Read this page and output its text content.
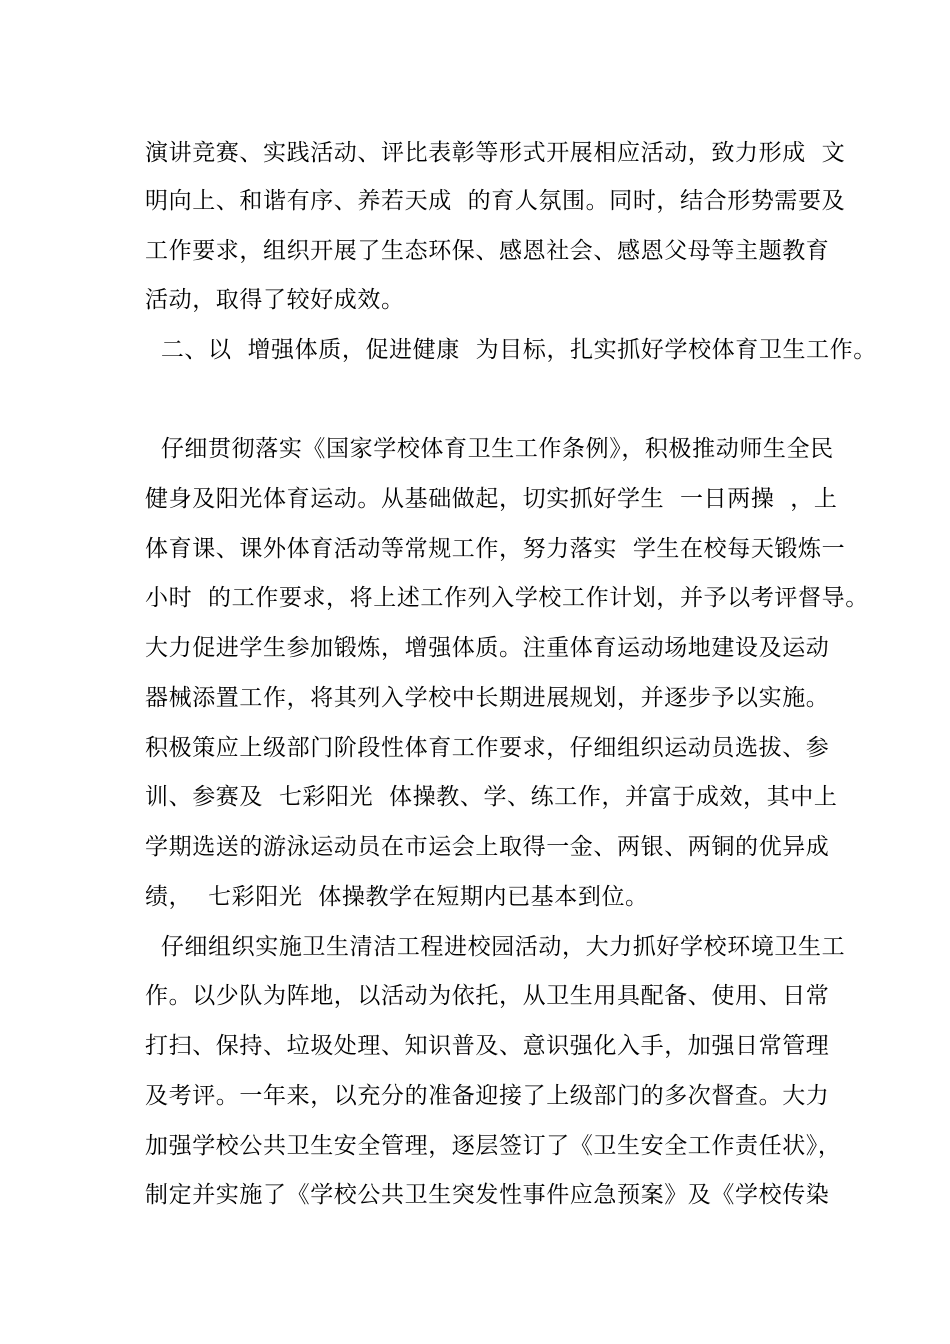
演讲竞赛、实践活动、评比表彰等形式开展相应活动，致力形成  文
明向上、和谐有序、养若天成  的育人氛围。同时，结合形势需要及
工作要求，组织开展了生态环保、感恩社会、感恩父母等主题教育
活动，取得了较好成效。
二、以  增强体质，促进健康  为目标，扎实抓好学校体育卫生工作。
仔细贯彻落实《国家学校体育卫生工作条例》，积极推动师生全民
健身及阳光体育运动。从基础做起，切实抓好学生  一日两操  ，上
体育课、课外体育活动等常规工作，努力落实  学生在校每天锻炼一
小时  的工作要求，将上述工作列入学校工作计划，并予以考评督导。
大力促进学生参加锻炼，增强体质。注重体育运动场地建设及运动
器械添置工作，将其列入学校中长期进展规划，并逐步予以实施。
积极策应上级部门阶段性体育工作要求，仔细组织运动员选拔、参
训、参赛及  七彩阳光  体操教、学、练工作，并富于成效，其中上
学期选送的游泳运动员在市运会上取得一金、两银、两铜的优异成
绩，  七彩阳光  体操教学在短期内已基本到位。
仔细组织实施卫生清洁工程进校园活动，大力抓好学校环境卫生工
作。以少队为阵地，以活动为依托，从卫生用具配备、使用、日常
打扫、保持、垃圾处理、知识普及、意识强化入手，加强日常管理
及考评。一年来，以充分的准备迎接了上级部门的多次督查。大力
加强学校公共卫生安全管理，逐层签订了《卫生安全工作责任状》，
制定并实施了《学校公共卫生突发性事件应急预案》及《学校传染
